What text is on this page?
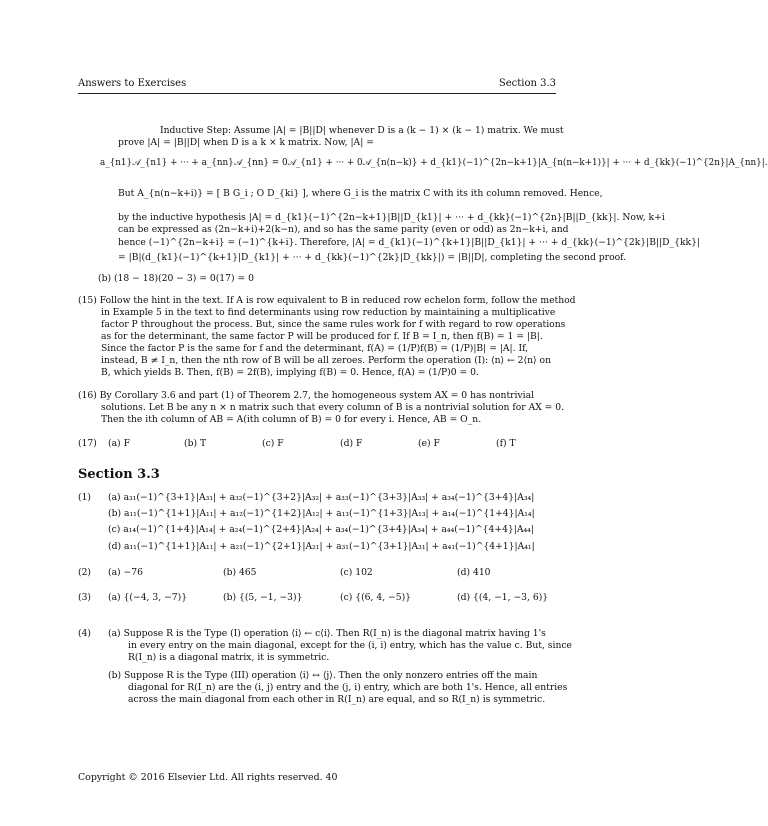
Answers to Exercises	Section 3.3
Inductive Step: Assume |A| = |B||D| whenever D is a (k − 1) × (k − 1) matrix. We must
prove |A| = |B||D| when D is a k × k matrix. Now, |A| =
a_{n1}𝒜_{n1} + ··· + a_{nn}𝒜_{nn} = 0𝒜_{n1} + ··· + 0𝒜_{n(n−k)} + d_{k1}(−1)^{2n−k+1}|A_{n(n−k+1)}| + ··· + d_{kk}(−1)^{2n}|A_{nn}|.
But A_{n(n−k+i)} = [ B G_i ; O D_{ki} ], where G_i is the matrix C with its ith column removed. Hence,
by the inductive hypothesis |A| = d_{k1}(−1)^{2n−k+1}|B||D_{k1}| + ··· + d_{kk}(−1)^{2n}|B||D_{kk}|. Now, k+i
can be expressed as (2n−k+i)+2(k−n), and so has the same parity (even or odd) as 2n−k+i, and
hence (−1)^{2n−k+i} = (−1)^{k+i}. Therefore, |A| = d_{k1}(−1)^{k+1}|B||D_{k1}| + ··· + d_{kk}(−1)^{2k}|B||D_{kk}|
= |B|(d_{k1}(−1)^{k+1}|D_{k1}| + ··· + d_{kk}(−1)^{2k}|D_{kk}|) = |B||D|, completing the second proof.
(b) (18 − 18)(20 − 3) = 0(17) = 0
(15) Follow the hint in the text. If A is row equivalent to B in reduced row echelon form, follow the method
in Example 5 in the text to find determinants using row reduction by maintaining a multiplicative
factor P throughout the process. But, since the same rules work for f with regard to row operations
as for the determinant, the same factor P will be produced for f. If B = I_n, then f(B) = 1 = |B|.
Since the factor P is the same for f and the determinant, f(A) = (1/P)f(B) = (1/P)|B| = |A|. If,
instead, B ≠ I_n, then the nth row of B will be all zeroes. Perform the operation (I): ⟨n⟩ ← 2⟨n⟩ on
B, which yields B. Then, f(B) = 2f(B), implying f(B) = 0. Hence, f(A) = (1/P)0 = 0.
(16) By Corollary 3.6 and part (1) of Theorem 2.7, the homogeneous system AX = 0 has nontrivial
solutions. Let B be any n × n matrix such that every column of B is a nontrivial solution for AX = 0.
Then the ith column of AB = A(ith column of B) = 0 for every i. Hence, AB = O_n.
(17) (a) F	(b) T	(c) F	(d) F	(e) F	(f) T
Section 3.3
(1) (a) a₃₁(−1)^{3+1}|A₃₁| + a₃₂(−1)^{3+2}|A₃₂| + a₃₃(−1)^{3+3}|A₃₃| + a₃₄(−1)^{3+4}|A₃₄|
(b) a₁₁(−1)^{1+1}|A₁₁| + a₁₂(−1)^{1+2}|A₁₂| + a₁₃(−1)^{1+3}|A₁₃| + a₁₄(−1)^{1+4}|A₁₄|
(c) a₁₄(−1)^{1+4}|A₁₄| + a₂₄(−1)^{2+4}|A₂₄| + a₃₄(−1)^{3+4}|A₃₄| + a₄₄(−1)^{4+4}|A₄₄|
(d) a₁₁(−1)^{1+1}|A₁₁| + a₂₁(−1)^{2+1}|A₂₁| + a₃₁(−1)^{3+1}|A₃₁| + a₄₁(−1)^{4+1}|A₄₁|
(2) (a) −76	(b) 465	(c) 102	(d) 410
(3) (a) {(−4, 3, −7)}	(b) {(5, −1, −3)}	(c) {(6, 4, −5)}	(d) {(4, −1, −3, 6)}
(4) (a) Suppose R is the Type (I) operation ⟨i⟩ ← c⟨i⟩. Then R(I_n) is the diagonal matrix having 1's
in every entry on the main diagonal, except for the (i, i) entry, which has the value c. But, since
R(I_n) is a diagonal matrix, it is symmetric.
(b) Suppose R is the Type (III) operation ⟨i⟩ ↔ ⟨j⟩. Then the only nonzero entries off the main
diagonal for R(I_n) are the (i, j) entry and the (j, i) entry, which are both 1's. Hence, all entries
across the main diagonal from each other in R(I_n) are equal, and so R(I_n) is symmetric.
Copyright © 2016 Elsevier Ltd. All rights reserved. 40
